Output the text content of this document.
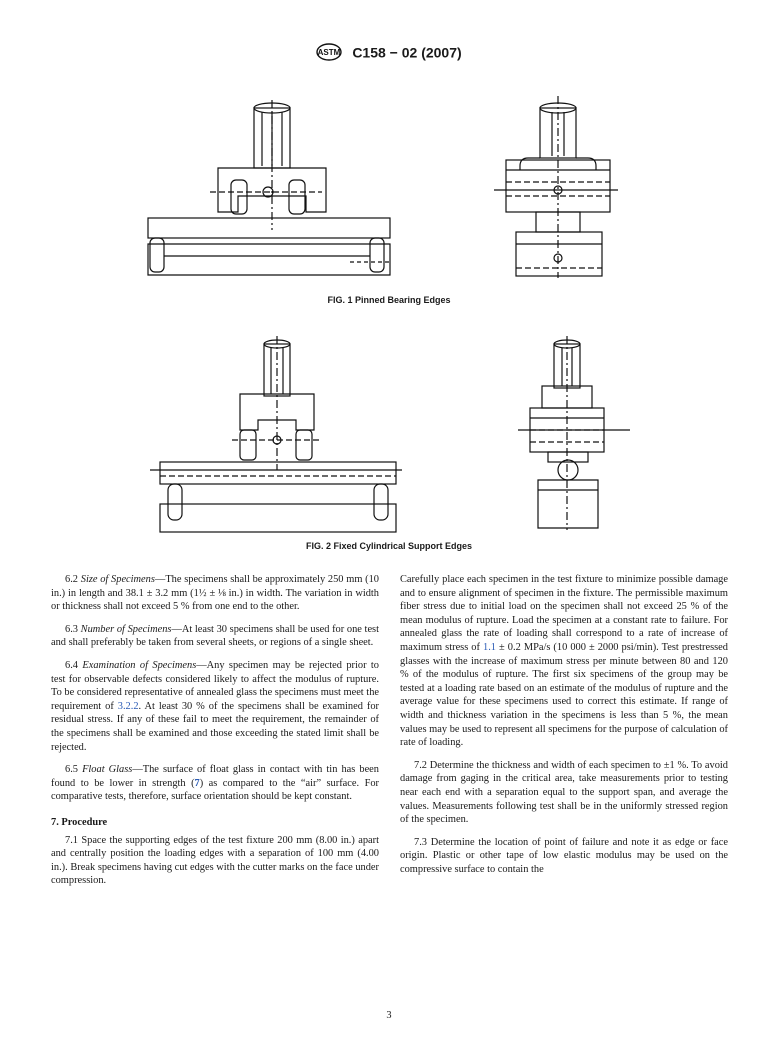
ASTM C158 − 02 (2007)
FIG. 1 Pinned Bearing Edges
FIG. 2 Fixed Cylindrical Support Edges

6.2 Size of Specimens—The specimens shall be approximately 250 mm (10 in.) in length and 38.1 ± 3.2 mm (1½ ± ⅛ in.) in width. The variation in width or thickness shall not exceed 5 % from one end to the other.

6.3 Number of Specimens—At least 30 specimens shall be used for one test and shall preferably be taken from several sheets, or regions of a single sheet.

6.4 Examination of Specimens—Any specimen may be rejected prior to test for observable defects considered likely to affect the modulus of rupture. To be considered representative of annealed glass the specimens must meet the requirement of 3.2.2. At least 30 % of the specimens shall be examined for residual stress. If any of these fail to meet the requirement, the remainder of the specimens shall be examined and those exceeding the stated limit shall be rejected.

6.5 Float Glass—The surface of float glass in contact with tin has been found to be lower in strength (7) as compared to the “air” surface. For comparative tests, therefore, surface orientation should be kept constant.

7. Procedure

7.1 Space the supporting edges of the test fixture 200 mm (8.00 in.) apart and centrally position the loading edges with a separation of 100 mm (4.00 in.). Break specimens having cut edges with the cutter marks on the face under compression.

Carefully place each specimen in the test fixture to minimize possible damage and to ensure alignment of specimen in the fixture. The permissible maximum fiber stress due to initial load on the specimen shall not exceed 25 % of the mean modulus of rupture. Load the specimen at a constant rate to failure. For annealed glass the rate of loading shall correspond to a rate of increase of maximum stress of 1.1 ± 0.2 MPa/s (10 000 ± 2000 psi/min). Test prestressed glasses with the increase of maximum stress per minute between 80 and 120 % of the modulus of rupture. The first six specimens of the group may be tested at a loading rate based on an estimate of the modulus of rupture and the average value for these specimens used to correct this estimate. If range of width and thickness variation in the specimens is less than 5 %, the mean values may be used to represent all specimens for the purpose of calculation of rate of loading.

7.2 Determine the thickness and width of each specimen to ±1 %. To avoid damage from gaging in the critical area, take measurements prior to testing near each end with a separation equal to the support span, and average the values. Measurements following test shall be in the uniformly stressed region of the specimen.

7.3 Determine the location of point of failure and note it as edge or face origin. Plastic or other tape of low elastic modulus may be used on the compressive surface to contain the

3
